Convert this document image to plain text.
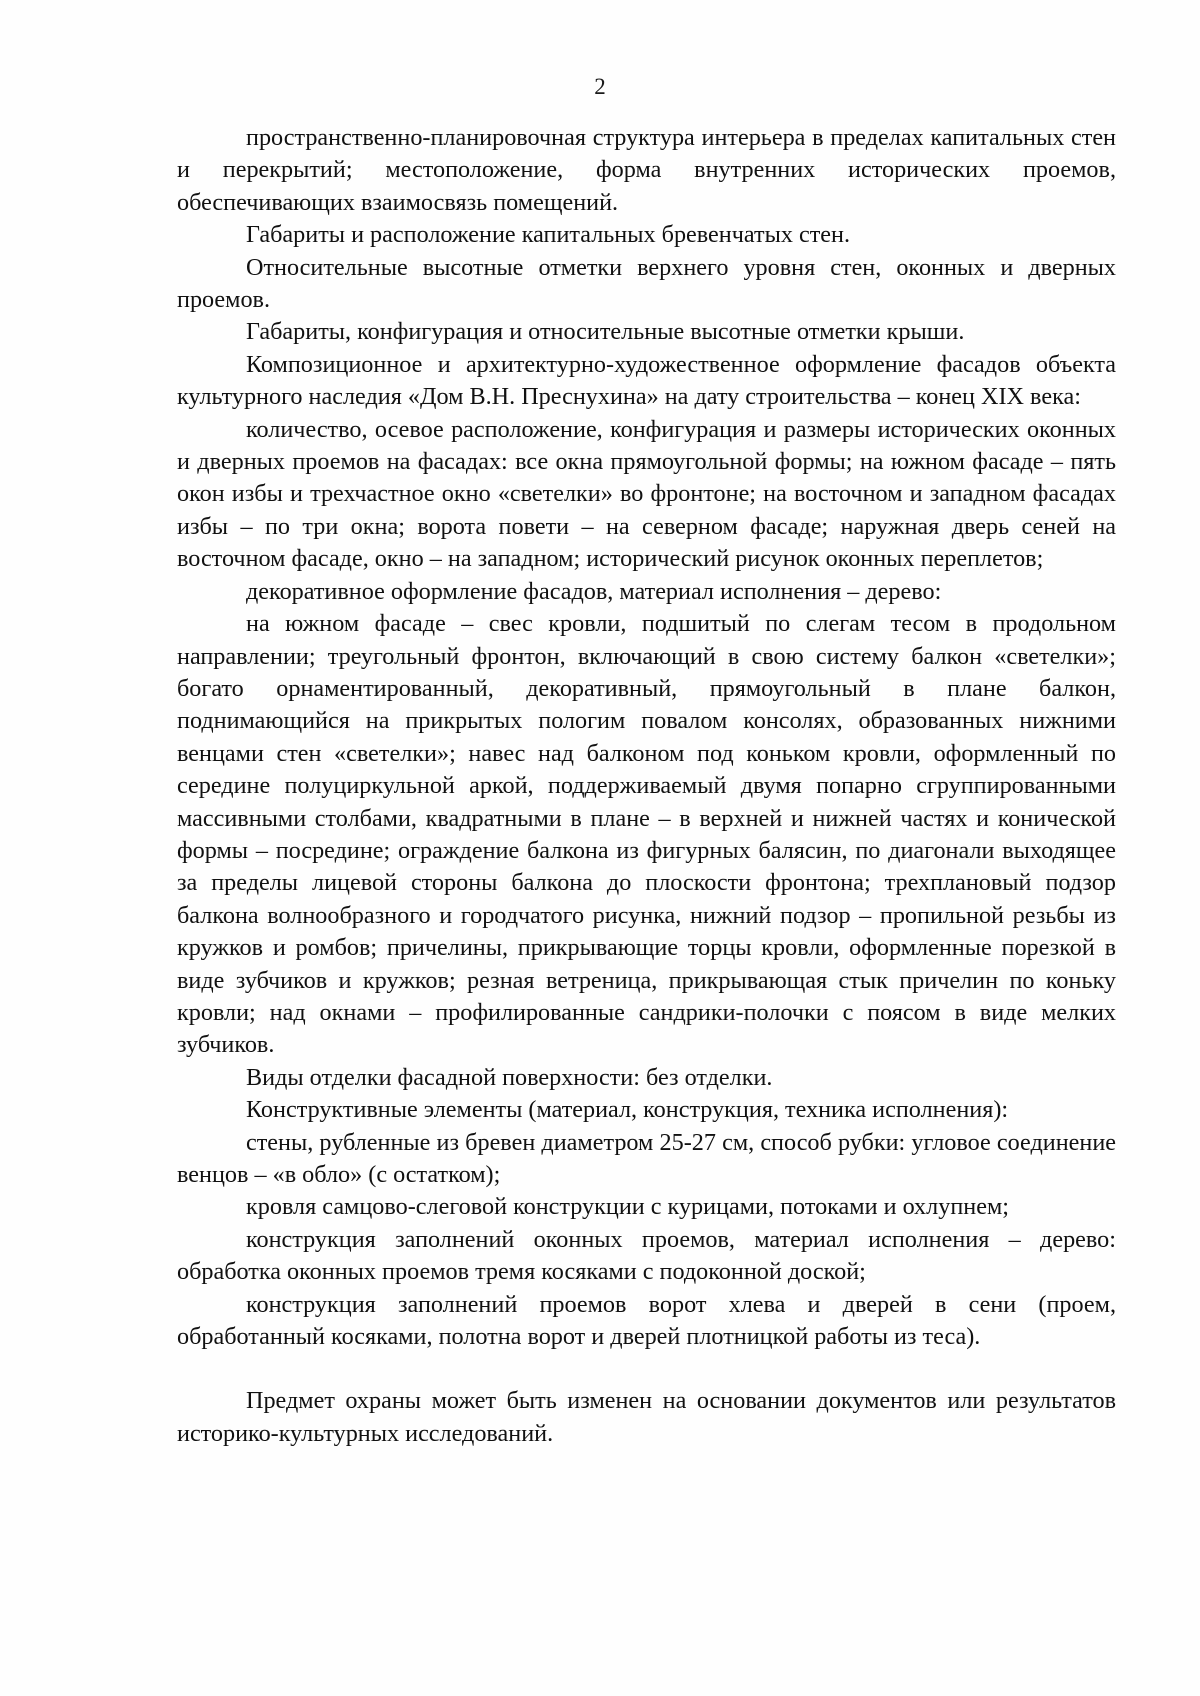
2

пространственно-планировочная структура интерьера в пределах капитальных стен и перекрытий; местоположение, форма внутренних исторических проемов, обеспечивающих взаимосвязь помещений.

Габариты и расположение капитальных бревенчатых стен.

Относительные высотные отметки верхнего уровня стен, оконных и дверных проемов.

Габариты, конфигурация и относительные высотные отметки крыши.

Композиционное и архитектурно-художественное оформление фасадов объекта культурного наследия «Дом В.Н. Преснухина» на дату строительства – конец XIX века:

количество, осевое расположение, конфигурация и размеры исторических оконных и дверных проемов на фасадах: все окна прямоугольной формы; на южном фасаде – пять окон избы и трехчастное окно «светелки» во фронтоне; на восточном и западном фасадах избы – по три окна; ворота повети – на северном фасаде; наружная дверь сеней на восточном фасаде, окно – на западном; исторический рисунок оконных переплетов;

декоративное оформление фасадов, материал исполнения – дерево:

на южном фасаде – свес кровли, подшитый по слегам тесом в продольном направлении; треугольный фронтон, включающий в свою систему балкон «светелки»; богато орнаментированный, декоративный, прямоугольный в плане балкон, поднимающийся на прикрытых пологим повалом консолях, образованных нижними венцами стен «светелки»; навес над балконом под коньком кровли, оформленный по середине полуциркульной аркой, поддерживаемый двумя попарно сгруппированными массивными столбами, квадратными в плане – в верхней и нижней частях и конической формы – посредине; ограждение балкона из фигурных балясин, по диагонали выходящее за пределы лицевой стороны балкона до плоскости фронтона; трехплановый подзор балкона волнообразного и городчатого рисунка, нижний подзор – пропильной резьбы из кружков и ромбов; причелины, прикрывающие торцы кровли, оформленные порезкой в виде зубчиков и кружков; резная ветреница, прикрывающая стык причелин по коньку кровли; над окнами – профилированные сандрики-полочки с поясом в виде мелких зубчиков.

Виды отделки фасадной поверхности: без отделки.

Конструктивные элементы (материал, конструкция, техника исполнения):

стены, рубленные из бревен диаметром 25-27 см, способ рубки: угловое соединение венцов – «в обло» (с остатком);

кровля самцово-слеговой конструкции с курицами, потоками и охлупнем;

конструкция заполнений оконных проемов, материал исполнения – дерево: обработка оконных проемов тремя косяками с подоконной доской;

конструкция заполнений проемов ворот хлева и дверей в сени (проем, обработанный косяками, полотна ворот и дверей плотницкой работы из теса).

Предмет охраны может быть изменен на основании документов или результатов историко-культурных исследований.
